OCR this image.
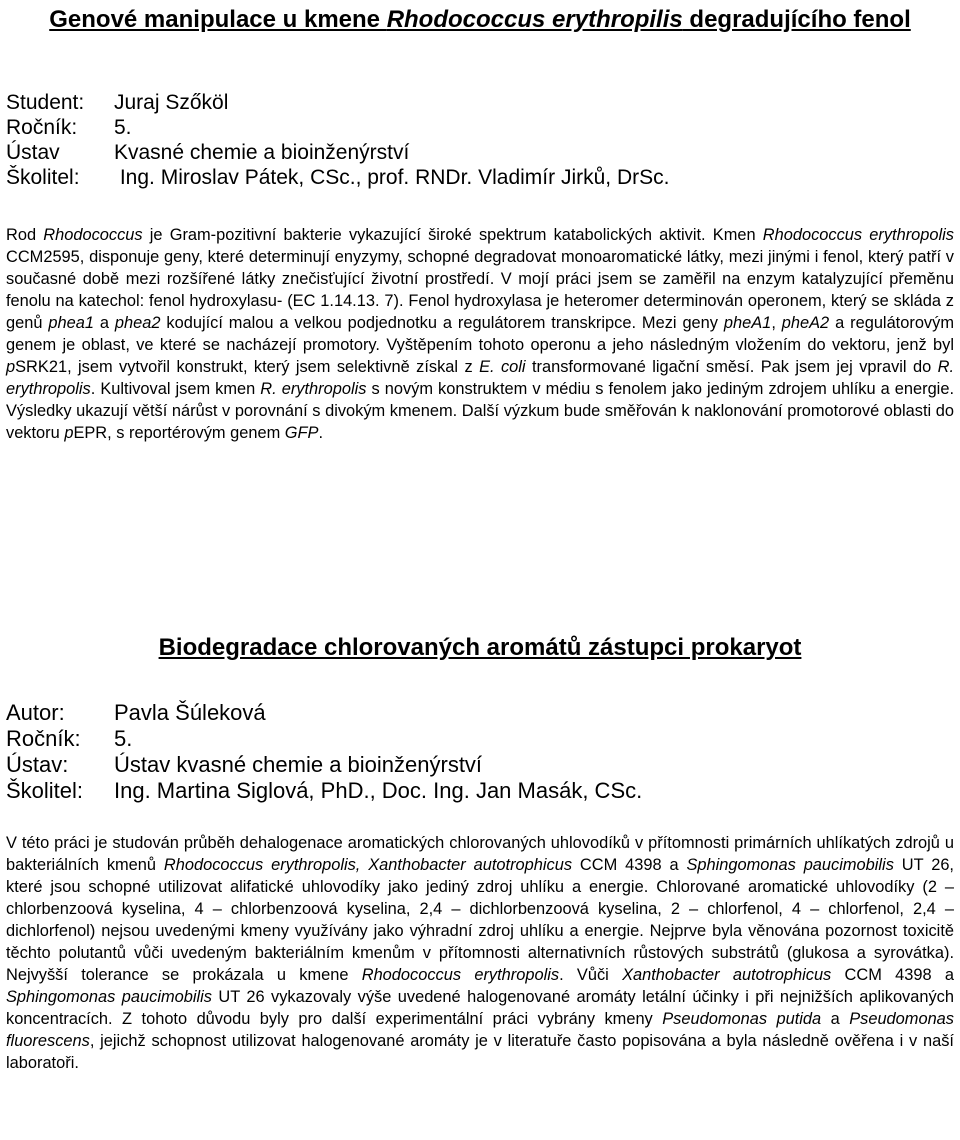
Genové manipulace u kmene Rhodococcus erythropilis degradujícího fenol
Student:	Juraj Szőköl
Ročník:	5.
Ústav	Kvasné chemie a bioinženýrství
Školitel:	Ing. Miroslav Pátek, CSc., prof. RNDr. Vladimír Jirků, DrSc.
Rod Rhodococcus je Gram-pozitivní bakterie vykazující široké spektrum katabolických aktivit. Kmen Rhodococcus erythropolis CCM2595, disponuje geny, které determinují enyzymy, schopné degradovat monoaromatické látky, mezi jinými i fenol, který patří v současné době mezi rozšířené látky znečisťující životní prostředí. V mojí práci jsem se zaměřil na enzym katalyzující přeměnu fenolu na katechol: fenol hydroxylasu- (EC 1.14.13. 7). Fenol hydroxylasa je heteromer determinován operonem, který se skláda z genů phea1 a phea2 kodující malou a velkou podjednotku a regulátorem transkripce. Mezi geny pheA1, pheA2 a regulátorovým genem je oblast, ve které se nacházejí promotory. Vyštěpením tohoto operonu a jeho následným vložením do vektoru, jenž byl pSRK21, jsem vytvořil konstrukt, který jsem selektivně získal z E. coli transformované ligační směsí. Pak jsem jej vpravil do R. erythropolis. Kultivoval jsem kmen R. erythropolis s novým konstruktem v médiu s fenolem jako jediným zdrojem uhlíku a energie. Výsledky ukazují větší nárůst v porovnání s divokým kmenem. Další výzkum bude směřován k naklonování promotorové oblasti do vektoru pEPR, s reportérovým genem GFP.
Biodegradace chlorovaných aromátů zástupci prokaryot
Autor:	Pavla Šúleková
Ročník:	5.
Ústav:	Ústav kvasné chemie a bioinženýrství
Školitel:	Ing. Martina Siglová, PhD., Doc. Ing. Jan Masák, CSc.
V této práci je studován průběh dehalogenace aromatických chlorovaných uhlovodíků v přítomnosti primárních uhlíkatých zdrojů u bakteriálních kmenů Rhodococcus erythropolis, Xanthobacter autotrophicus CCM 4398 a Sphingomonas paucimobilis UT 26, které jsou schopné utilizovat alifatické uhlovodíky jako jediný zdroj uhlíku a energie. Chlorované aromatické uhlovodíky (2 – chlorbenzoová kyselina, 4 – chlorbenzoová kyselina, 2,4 – dichlorbenzoová kyselina, 2 – chlorfenol, 4 – chlorfenol, 2,4 – dichlorfenol) nejsou uvedenými kmeny využívány jako výhradní zdroj uhlíku a energie. Nejprve byla věnována pozornost toxicitě těchto polutantů vůči uvedeným bakteriálním kmenům v přítomnosti alternativních růstových substrátů (glukosa a syrovátka). Nejvyšší tolerance se prokázala u kmene Rhodococcus erythropolis. Vůči Xanthobacter autotrophicus CCM 4398 a Sphingomonas paucimobilis UT 26 vykazovaly výše uvedené halogenované aromáty letální účinky i při nejnižších aplikovaných koncentracích. Z tohoto důvodu byly pro další experimentální práci vybrány kmeny Pseudomonas putida a Pseudomonas fluorescens, jejichž schopnost utilizovat halogenované aromáty je v literatuře často popisována a byla následně ověřena i v naší laboratoři.
